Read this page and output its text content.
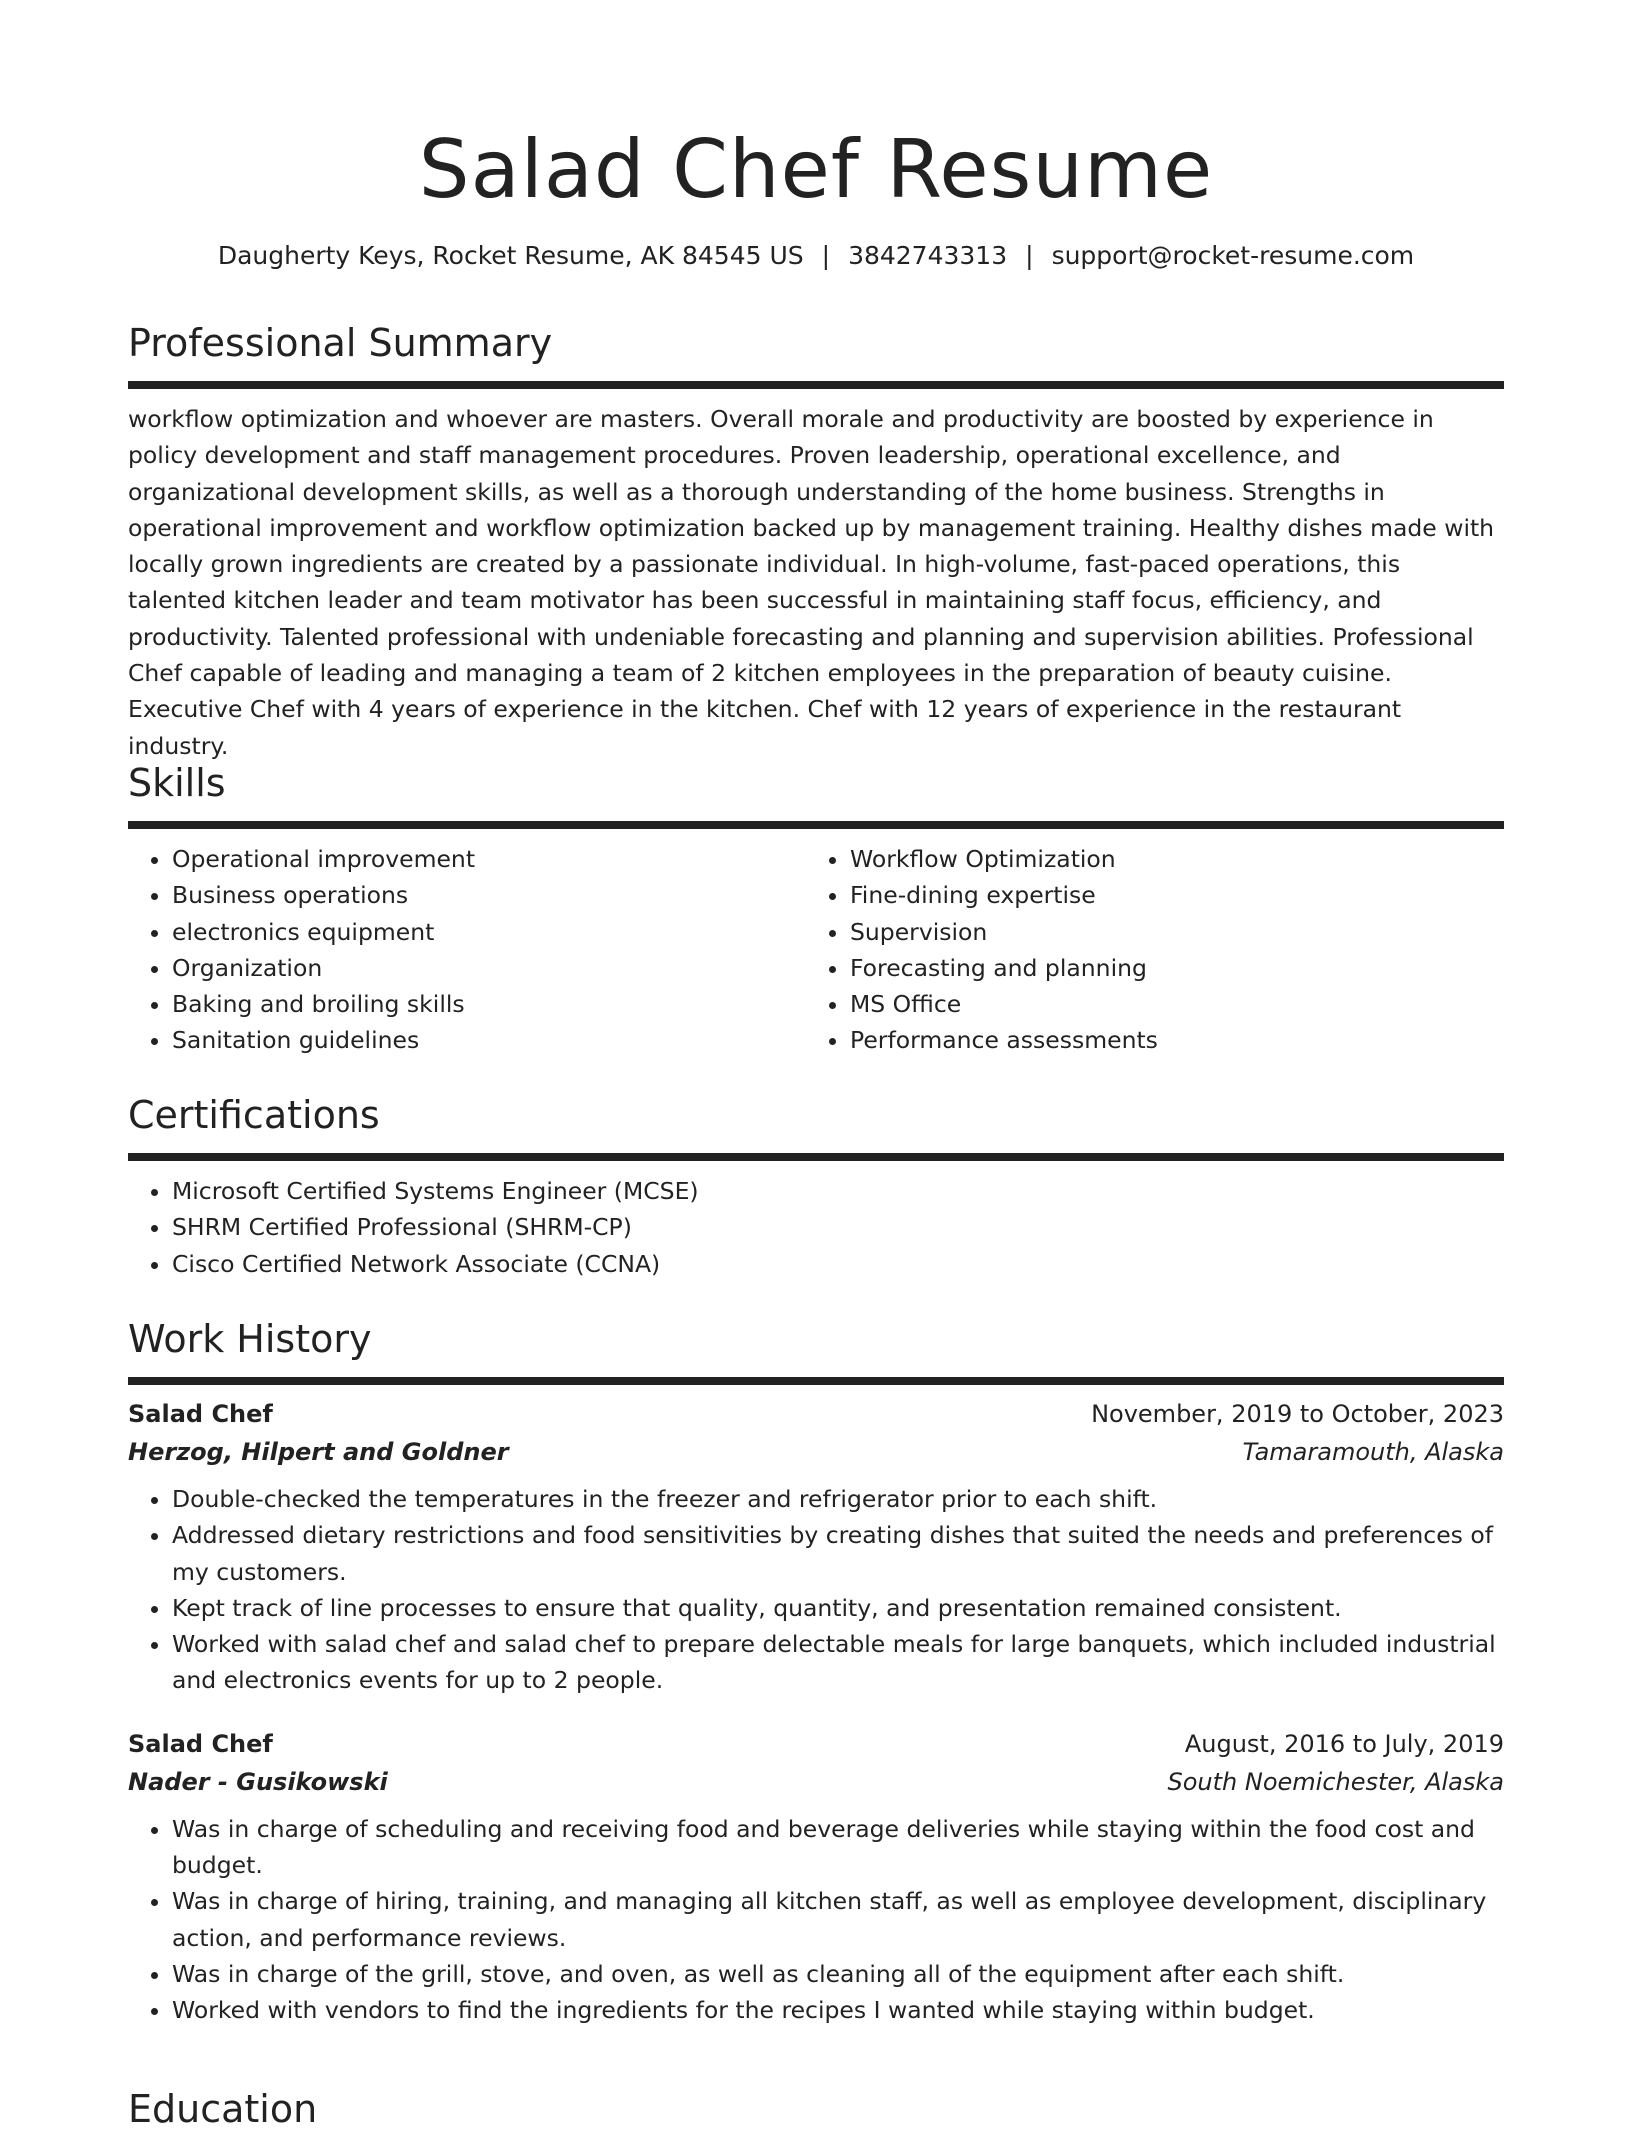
Salad Chef Resume
Daugherty Keys, Rocket Resume, AK 84545 US | 3842743313 | support@rocket-resume.com
Professional Summary
workflow optimization and whoever are masters. Overall morale and productivity are boosted by experience in policy development and staff management procedures. Proven leadership, operational excellence, and organizational development skills, as well as a thorough understanding of the home business. Strengths in operational improvement and workflow optimization backed up by management training. Healthy dishes made with locally grown ingredients are created by a passionate individual. In high-volume, fast-paced operations, this talented kitchen leader and team motivator has been successful in maintaining staff focus, efficiency, and productivity. Talented professional with undeniable forecasting and planning and supervision abilities. Professional Chef capable of leading and managing a team of 2 kitchen employees in the preparation of beauty cuisine. Executive Chef with 4 years of experience in the kitchen. Chef with 12 years of experience in the restaurant industry.
Skills
• Operational improvement
• Business operations
• electronics equipment
• Organization
• Baking and broiling skills
• Sanitation guidelines
• Workflow Optimization
• Fine-dining expertise
• Supervision
• Forecasting and planning
• MS Office
• Performance assessments
Certifications
• Microsoft Certified Systems Engineer (MCSE)
• SHRM Certified Professional (SHRM-CP)
• Cisco Certified Network Associate (CCNA)
Work History
Salad Chef	November, 2019 to October, 2023
Herzog, Hilpert and Goldner	Tamaramouth, Alaska
• Double-checked the temperatures in the freezer and refrigerator prior to each shift.
• Addressed dietary restrictions and food sensitivities by creating dishes that suited the needs and preferences of my customers.
• Kept track of line processes to ensure that quality, quantity, and presentation remained consistent.
• Worked with salad chef and salad chef to prepare delectable meals for large banquets, which included industrial and electronics events for up to 2 people.
Salad Chef	August, 2016 to July, 2019
Nader - Gusikowski	South Noemichester, Alaska
• Was in charge of scheduling and receiving food and beverage deliveries while staying within the food cost and budget.
• Was in charge of hiring, training, and managing all kitchen staff, as well as employee development, disciplinary action, and performance reviews.
• Was in charge of the grill, stove, and oven, as well as cleaning all of the equipment after each shift.
• Worked with vendors to find the ingredients for the recipes I wanted while staying within budget.
Education
